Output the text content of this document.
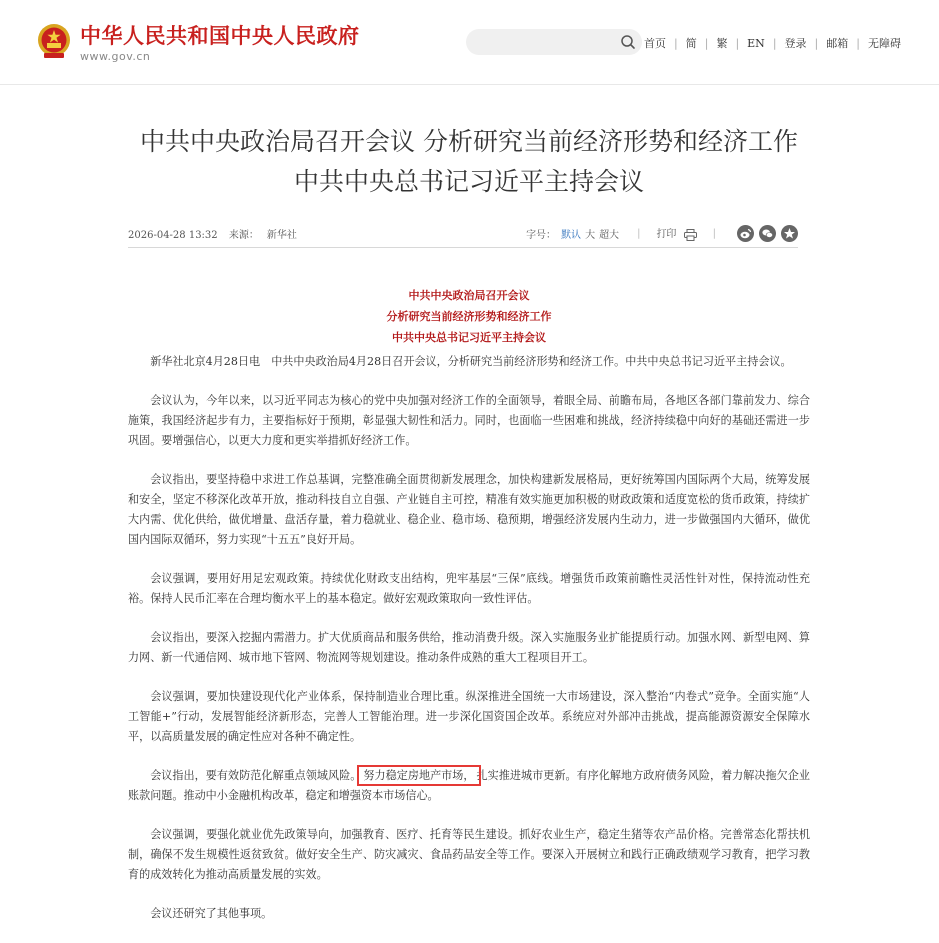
中华人民共和国中央人民政府
www.gov.cn
首页 | 简 | 繁 | EN | 登录 | 邮箱 | 无障碍
中共中央政治局召开会议 分析研究当前经济形势和经济工作 中共中央总书记习近平主持会议
2026-04-28 13:32 来源： 新华社	字号： 默认 大 超大 | 打印	|
中共中央政治局召开会议
分析研究当前经济形势和经济工作
中共中央总书记习近平主持会议

新华社北京4月28日电　中共中央政治局4月28日召开会议，分析研究当前经济形势和经济工作。中共中央总书记习近平主持会议。

会议认为，今年以来，以习近平同志为核心的党中央加强对经济工作的全面领导，着眼全局、前瞻布局，各地区各部门靠前发力、综合施策，我国经济起步有力，主要指标好于预期，彰显强大韧性和活力。同时，也面临一些困难和挑战，经济持续稳中向好的基础还需进一步巩固。要增强信心，以更大力度和更实举措抓好经济工作。

会议指出，要坚持稳中求进工作总基调，完整准确全面贯彻新发展理念，加快构建新发展格局，更好统筹国内国际两个大局，统筹发展和安全，坚定不移深化改革开放，推动科技自立自强、产业链自主可控，精准有效实施更加积极的财政政策和适度宽松的货币政策，持续扩大内需、优化供给，做优增量、盘活存量，着力稳就业、稳企业、稳市场、稳预期，增强经济发展内生动力，进一步做强国内大循环，做优国内国际双循环，努力实现“十五五”良好开局。

会议强调，要用好用足宏观政策。持续优化财政支出结构，兜牢基层“三保”底线。增强货币政策前瞻性灵活性针对性，保持流动性充裕。保持人民币汇率在合理均衡水平上的基本稳定。做好宏观政策取向一致性评估。

会议指出，要深入挖掘内需潜力。扩大优质商品和服务供给，推动消费升级。深入实施服务业扩能提质行动。加强水网、新型电网、算力网、新一代通信网、城市地下管网、物流网等规划建设。推动条件成熟的重大工程项目开工。

会议强调，要加快建设现代化产业体系，保持制造业合理比重。纵深推进全国统一大市场建设，深入整治“内卷式”竞争。全面实施“人工智能+”行动，发展智能经济新形态，完善人工智能治理。进一步深化国资国企改革。系统应对外部冲击挑战，提高能源资源安全保障水平，以高质量发展的确定性应对各种不确定性。

会议指出，要有效防范化解重点领域风险。 努力稳定房地产市场， 扎实推进城市更新。有序化解地方政府债务风险，着力解决拖欠企业账款问题。推动中小金融机构改革，稳定和增强资本市场信心。

会议强调，要强化就业优先政策导向，加强教育、医疗、托育等民生建设。抓好农业生产，稳定生猪等农产品价格。完善常态化帮扶机制，确保不发生规模性返贫致贫。做好安全生产、防灾减灾、食品药品安全等工作。要深入开展树立和践行正确政绩观学习教育，把学习教育的成效转化为推动高质量发展的实效。

会议还研究了其他事项。
